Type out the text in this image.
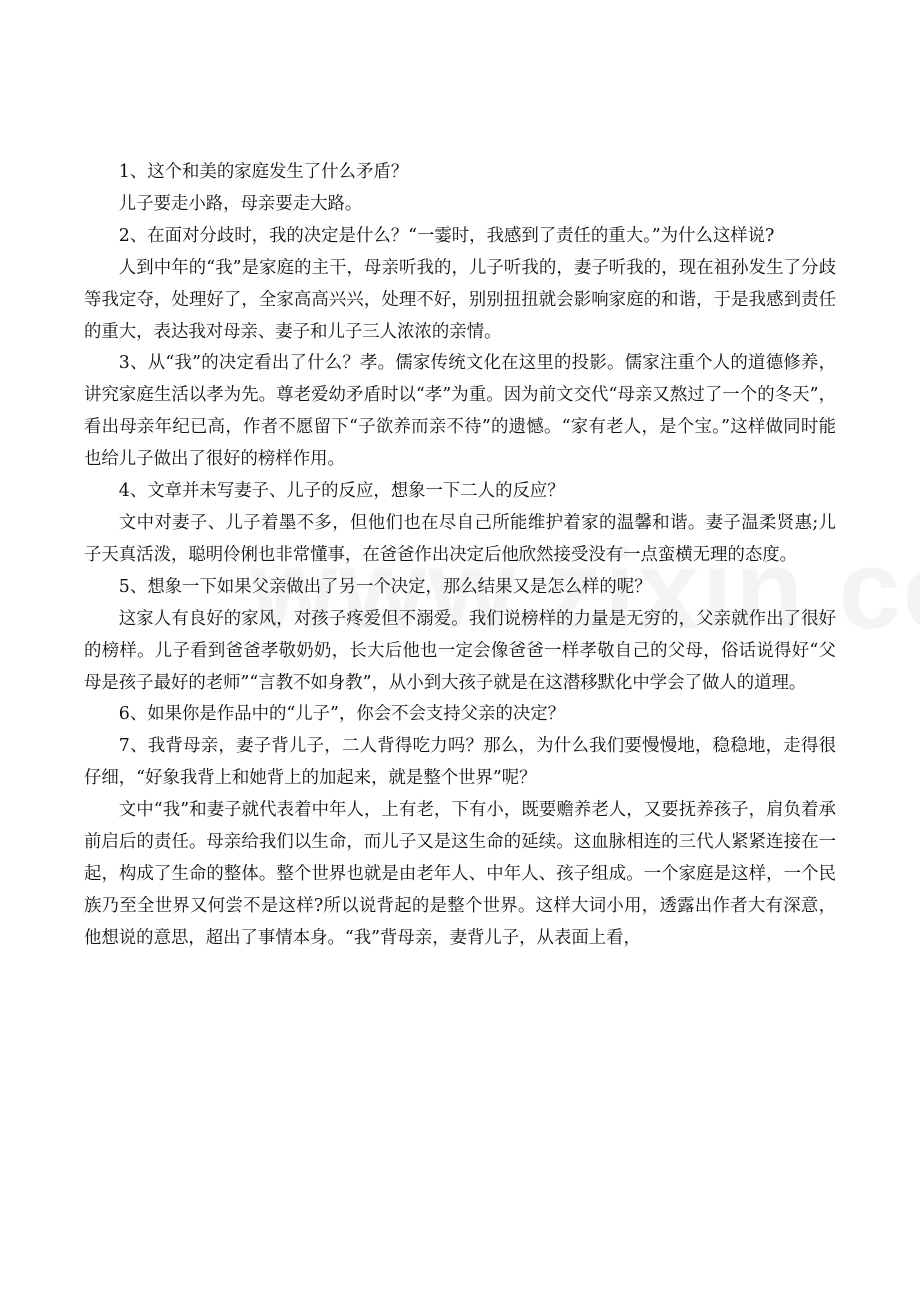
1、这个和美的家庭发生了什么矛盾？

儿子要走小路，母亲要走大路。

2、在面对分歧时，我的决定是什么？“一霎时，我感到了责任的重大。”为什么这样说?

人到中年的“我”是家庭的主干，母亲听我的，儿子听我的，妻子听我的，现在祖孙发生了分歧等我定夺，处理好了，全家高高兴兴，处理不好，别别扭扭就会影响家庭的和谐，于是我感到责任的重大，表达我对母亲、妻子和儿子三人浓浓的亲情。

3、从“我”的决定看出了什么？孝。儒家传统文化在这里的投影。儒家注重个人的道德修养，讲究家庭生活以孝为先。尊老爱幼矛盾时以“孝”为重。因为前文交代“母亲又熬过了一个的冬天”，看出母亲年纪已高，作者不愿留下“子欲养而亲不待”的遗憾。“家有老人，是个宝。”这样做同时能也给儿子做出了很好的榜样作用。

4、文章并未写妻子、儿子的反应，想象一下二人的反应？

文中对妻子、儿子着墨不多，但他们也在尽自己所能维护着家的温馨和谐。妻子温柔贤惠;儿子天真活泼，聪明伶俐也非常懂事，在爸爸作出决定后他欣然接受没有一点蛮横无理的态度。

5、想象一下如果父亲做出了另一个决定，那么结果又是怎么样的呢？

这家人有良好的家风，对孩子疼爱但不溺爱。我们说榜样的力量是无穷的，父亲就作出了很好的榜样。儿子看到爸爸孝敬奶奶，长大后他也一定会像爸爸一样孝敬自己的父母，俗话说得好“父母是孩子最好的老师”“言教不如身教”，从小到大孩子就是在这潜移默化中学会了做人的道理。

6、如果你是作品中的“儿子”，你会不会支持父亲的决定？

7、我背母亲，妻子背儿子，二人背得吃力吗？那么，为什么我们要慢慢地，稳稳地，走得很仔细，“好象我背上和她背上的加起来，就是整个世界”呢？

文中“我”和妻子就代表着中年人，上有老，下有小，既要赡养老人，又要抚养孩子，肩负着承前启后的责任。母亲给我们以生命，而儿子又是这生命的延续。这血脉相连的三代人紧紧连接在一起，构成了生命的整体。整个世界也就是由老年人、中年人、孩子组成。一个家庭是这样，一个民族乃至全世界又何尝不是这样?所以说背起的是整个世界。这样大词小用，透露出作者大有深意，他想说的意思，超出了事情本身。“我”背母亲，妻背儿子，从表面上看，
